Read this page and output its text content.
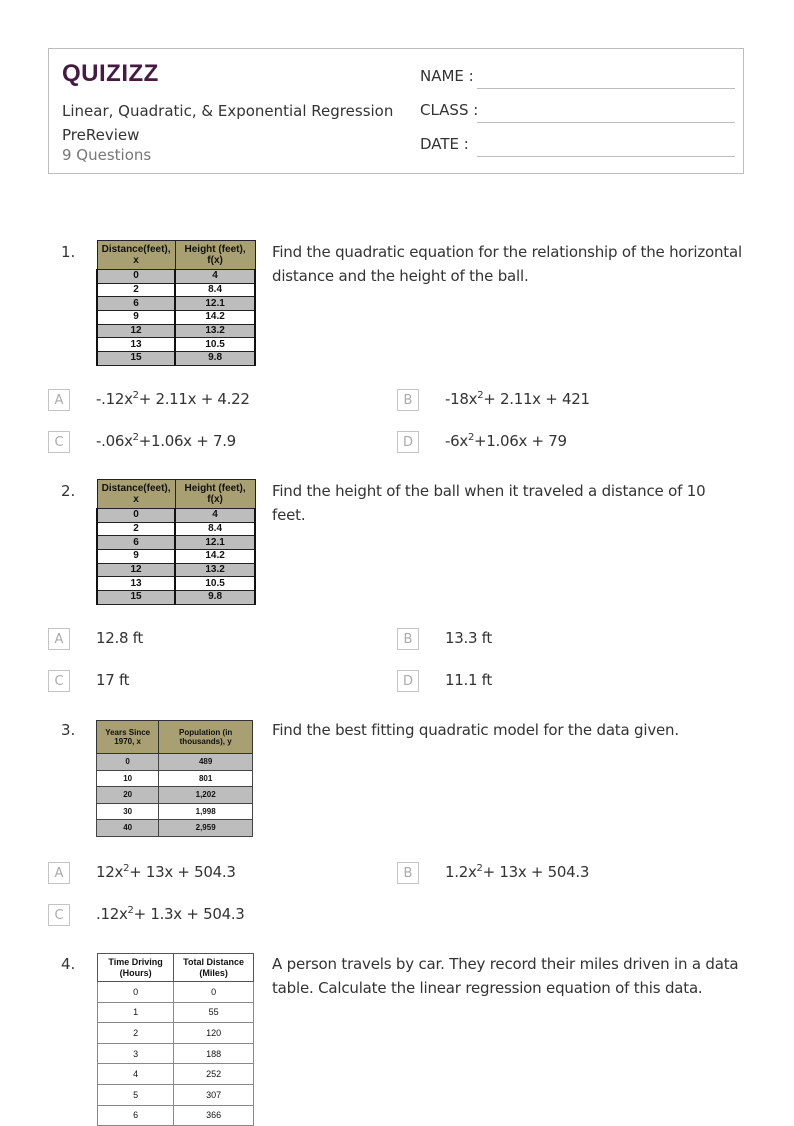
QUIZIZZ
Linear, Quadratic, & Exponential Regression PreReview
9 Questions
NAME :
CLASS :
DATE :
1.	Distance(feet), x	Height (feet), f(x)
0	4
2	8.4
6	12.1
9	14.2
12	13.2
13	10.5
15	9.8
Find the quadratic equation for the relationship of the horizontal distance and the height of the ball.
A	$-.12x^2+ 2.11x + 4.22$	B	$-18x^2+ 2.11x + 421$
C	$-.06x^2+1.06x + 7.9$	D	$-6x^2+1.06x + 79$
2.	Distance(feet), x	Height (feet), f(x)
0	4
2	8.4
6	12.1
9	14.2
12	13.2
13	10.5
15	9.8
Find the height of the ball when it traveled a distance of 10 feet.
A	12.8 ft	B	13.3 ft
C	17 ft	D	11.1 ft
3.	Years Since 1970, x	Population (in thousands), y
0	489
10	801
20	1,202
30	1,998
40	2,959
Find the best fitting quadratic model for the data given.
A	$12x^2+ 13x + 504.3$	B	$1.2x^2+ 13x + 504.3$
C	$.12x^2+ 1.3x + 504.3$
4.	Time Driving (Hours)	Total Distance (Miles)
0	0
1	55
2	120
3	188
4	252
5	307
6	366
A person travels by car. They record their miles driven in a data table. Calculate the linear regression equation of this data.
